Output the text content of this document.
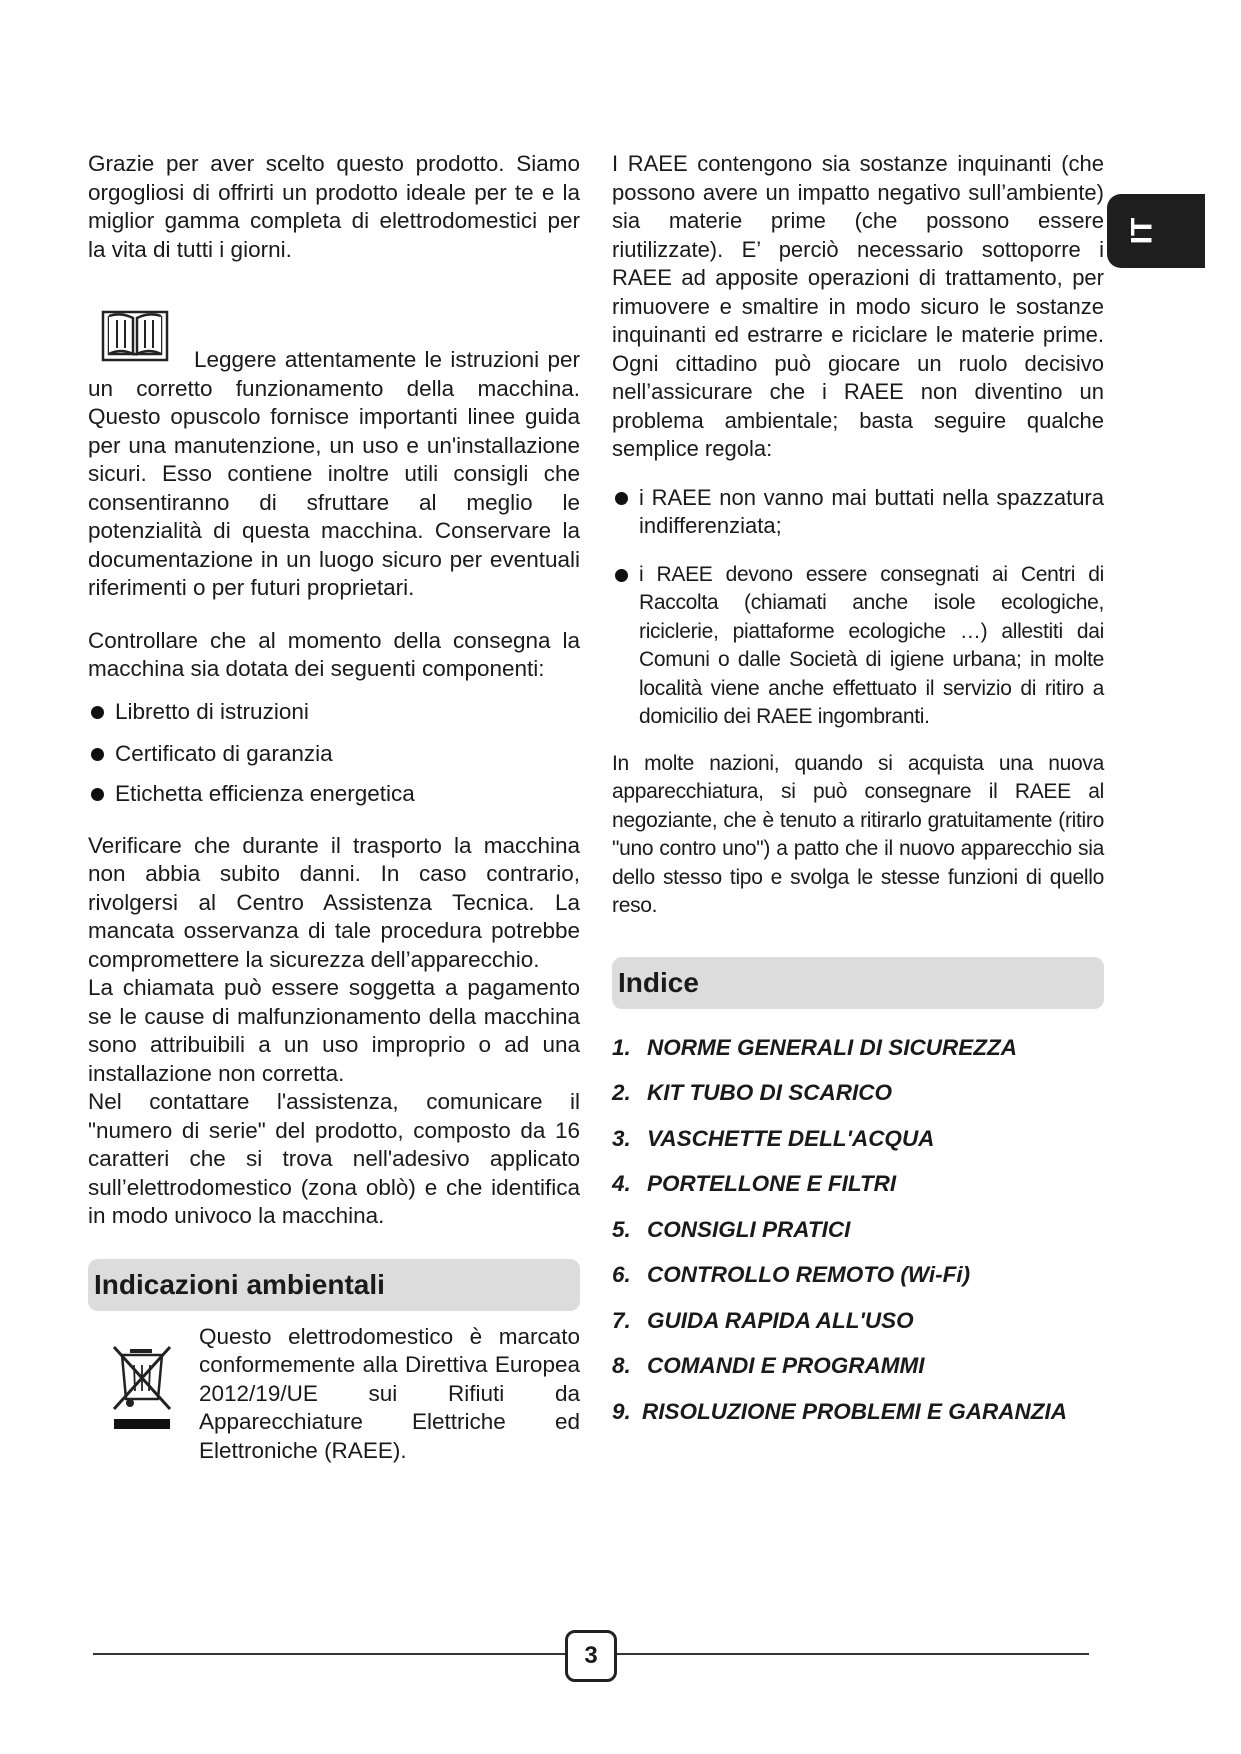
IT

Grazie per aver scelto questo prodotto. Siamo orgogliosi di offrirti un prodotto ideale per te e la miglior gamma completa di elettrodomestici per la vita di tutti i giorni.

Leggere attentamente le istruzioni per un corretto funzionamento della macchina. Questo opuscolo fornisce importanti linee guida per una manutenzione, un uso e un'installazione sicuri. Esso contiene inoltre utili consigli che consentiranno di sfruttare al meglio le potenzialità di questa macchina. Conservare la documentazione in un luogo sicuro per eventuali riferimenti o per futuri proprietari.

Controllare che al momento della consegna la macchina sia dotata dei seguenti componenti:

Libretto di istruzioni
Certificato di garanzia
Etichetta efficienza energetica

Verificare che durante il trasporto la macchina non abbia subito danni. In caso contrario, rivolgersi al Centro Assistenza Tecnica. La mancata osservanza di tale procedura potrebbe compromettere la sicurezza dell’apparecchio.

La chiamata può essere soggetta a pagamento se le cause di malfunzionamento della macchina sono attribuibili a un uso improprio o ad una installazione non corretta.

Nel contattare l'assistenza, comunicare il "numero di serie" del prodotto, composto da 16 caratteri che si trova nell'adesivo applicato sull’elettrodomestico (zona oblò) e che identifica in modo univoco la macchina.

Indicazioni ambientali

Questo elettrodomestico è marcato conformemente alla Direttiva Europea 2012/19/UE sui Rifiuti da Apparecchiature Elettriche ed Elettroniche (RAEE).

I RAEE contengono sia sostanze inquinanti (che possono avere un impatto negativo sull’ambiente) sia materie prime (che possono essere riutilizzate). E’ perciò necessario sottoporre i RAEE ad apposite operazioni di trattamento, per rimuovere e smaltire in modo sicuro le sostanze inquinanti ed estrarre e riciclare le materie prime. Ogni cittadino può giocare un ruolo decisivo nell’assicurare che i RAEE non diventino un problema ambientale; basta seguire qualche semplice regola:

i RAEE non vanno mai buttati nella spazzatura indifferenziata;
i RAEE devono essere consegnati ai Centri di Raccolta (chiamati anche isole ecologiche, riciclerie, piattaforme ecologiche …) allestiti dai Comuni o dalle Società di igiene urbana; in molte località viene anche effettuato il servizio di ritiro a domicilio dei RAEE ingombranti.

In molte nazioni, quando si acquista una nuova apparecchiatura, si può consegnare il RAEE al negoziante, che è tenuto a ritirarlo gratuitamente (ritiro "uno contro uno") a patto che il nuovo apparecchio sia dello stesso tipo e svolga le stesse funzioni di quello reso.

Indice
1. NORME GENERALI DI SICUREZZA
2. KIT TUBO DI SCARICO
3. VASCHETTE DELL'ACQUA
4. PORTELLONE E FILTRI
5. CONSIGLI PRATICI
6. CONTROLLO REMOTO (Wi-Fi)
7. GUIDA RAPIDA ALL'USO
8. COMANDI E PROGRAMMI
9. RISOLUZIONE PROBLEMI E GARANZIA
3
